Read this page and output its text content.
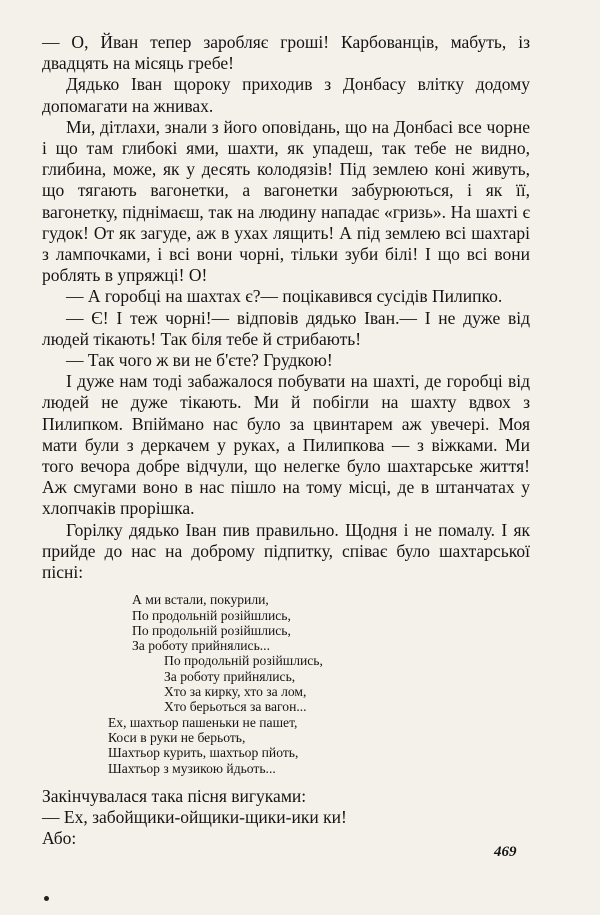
— О, Йван тепер заробляє гроші! Карбованців, мабуть, із двадцять на місяць гребе!

Дядько Іван щороку приходив з Донбасу влітку додому допомагати на жнивах.

Ми, дітлахи, знали з його оповідань, що на Донбасі все чорне і що там глибокі ями, шахти, як упадеш, так тебе не видно, глибина, може, як у десять колодязів! Під землею коні живуть, що тягають вагонетки, а вагонетки забурюються, і як її, вагонетку, піднімаєш, так на людину нападає «гризь». На шахті є гудок! От як загуде, аж в ухах лящить! А під землею всі шахтарі з лампочками, і всі вони чорні, тільки зуби білі! І що всі вони роблять в упряжці! О!

— А горобці на шахтах є?— поцікавився сусідів Пилипко.

— Є! І теж чорні!— відповів дядько Іван.— І не дуже від людей тікають! Так біля тебе й стрибають!

— Так чого ж ви не б'єте? Грудкою!

І дуже нам тоді забажалося побувати на шахті, де горобці від людей не дуже тікають. Ми й побігли на шахту вдвох з Пилипком. Впіймано нас було за цвинтарем аж увечері. Моя мати були з деркачем у руках, а Пилипкова — з віжками. Ми того вечора добре відчули, що нелегке було шахтарське життя! Аж смугами воно в нас пішло на тому місці, де в штанчатах у хлопчаків прорішка.

Горілку дядько Іван пив правильно. Щодня і не помалу. І як прийде до нас на доброму підпитку, співає було шахтарської пісні:

А ми встали, покурили,
По продольній розійшлись,
По продольній розійшлись,
За роботу прийнялись...
По продольній розійшлись,
За роботу прийнялись,
Хто за кирку, хто за лом,
Хто берьоться за вагон...
Ех, шахтьор пашеньки не пашет,
Коси в руки не берьоть,
Шахтьор курить, шахтьор пйоть,
Шахтьор з музикою йдьоть...

Закінчувалася така пісня вигуками:

— Ех, забойщики-ойщики-щики-ики ки!

Або:

469
